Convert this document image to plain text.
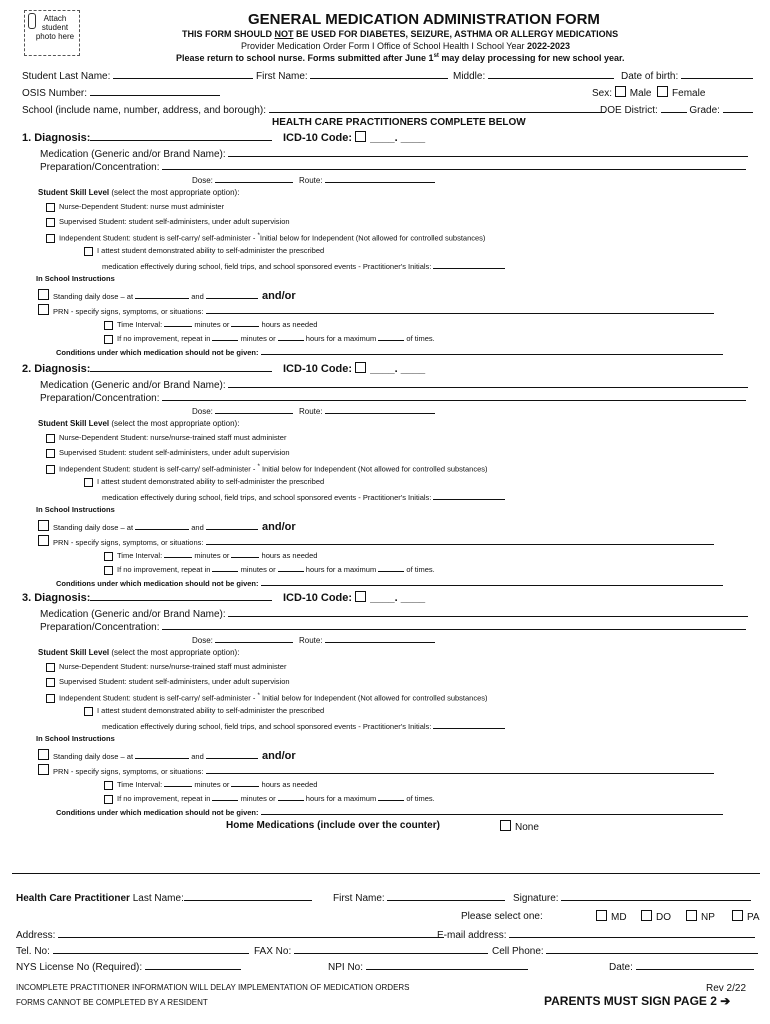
Attach student photo here
GENERAL MEDICATION ADMINISTRATION FORM
THIS FORM SHOULD NOT BE USED FOR DIABETES, SEIZURE, ASTHMA OR ALLERGY MEDICATIONS
Provider Medication Order Form I Office of School Health I School Year 2022-2023
Please return to school nurse. Forms submitted after June 1st may delay processing for new school year.
Student Last Name:	First Name:	Middle:	Date of birth:
OSIS Number:	Sex: Male Female
School (include name, number, address, and borough):	DOE District:	Grade:
HEALTH CARE PRACTITIONERS COMPLETE BELOW
1. Diagnosis:	ICD-10 Code: ____. ____
Medication (Generic and/or Brand Name):
Preparation/Concentration:
Dose:	Route:
Student Skill Level (select the most appropriate option):
Nurse-Dependent Student: nurse must administer
Supervised Student: student self-administers, under adult supervision
Independent Student: student is self-carry/ self-administer - *Initial below for Independent (Not allowed for controlled substances)
I attest student demonstrated ability to self-administer the prescribed
medication effectively during school, field trips, and school sponsored events - Practitioner's Initials:
In School Instructions
Standing daily dose – at	and	and/or
PRN - specify signs, symptoms, or situations:
Time Interval:	minutes or	hours as needed
If no improvement, repeat in	minutes or	hours for a maximum	of times.
Conditions under which medication should not be given:
2. Diagnosis:	ICD-10 Code: ____. ____
Medication (Generic and/or Brand Name):
Preparation/Concentration:
Dose:	Route:
Student Skill Level (select the most appropriate option):
Nurse-Dependent Student: nurse/nurse-trained staff must administer
Supervised Student: student self-administers, under adult supervision
Independent Student: student is self-carry/ self-administer - * Initial below for Independent (Not allowed for controlled substances)
I attest student demonstrated ability to self-administer the prescribed
medication effectively during school, field trips, and school sponsored events - Practitioner's Initials:
In School Instructions
Standing daily dose – at	and	and/or
PRN - specify signs, symptoms, or situations:
Time Interval:	minutes or	hours as needed
If no improvement, repeat in	minutes or	hours for a maximum	of times.
Conditions under which medication should not be given:
3. Diagnosis:	ICD-10 Code: ____. ____
Medication (Generic and/or Brand Name):
Preparation/Concentration:
Dose:	Route:
Student Skill Level (select the most appropriate option):
Nurse-Dependent Student: nurse/nurse-trained staff must administer
Supervised Student: student self-administers, under adult supervision
Independent Student: student is self-carry/ self-administer - * Initial below for Independent (Not allowed for controlled substances)
I attest student demonstrated ability to self-administer the prescribed
medication effectively during school, field trips, and school sponsored events - Practitioner's Initials:
In School Instructions
Standing daily dose – at	and	and/or
PRN - specify signs, symptoms, or situations:
Time Interval:	minutes or	hours as needed
If no improvement, repeat in	minutes or	hours for a maximum	of times.
Conditions under which medication should not be given:
Home Medications (include over the counter)	None
Health Care Practitioner Last Name:	First Name:	Signature:
Please select one:	MD	DO	NP	PA
Address:	E-mail address:
Tel. No:	FAX No:	Cell Phone:
NYS License No (Required):	NPI No:	Date:
INCOMPLETE PRACTITIONER INFORMATION WILL DELAY IMPLEMENTATION OF MEDICATION ORDERS
FORMS CANNOT BE COMPLETED BY A RESIDENT
Rev 2/22
PARENTS MUST SIGN PAGE 2 ➔
